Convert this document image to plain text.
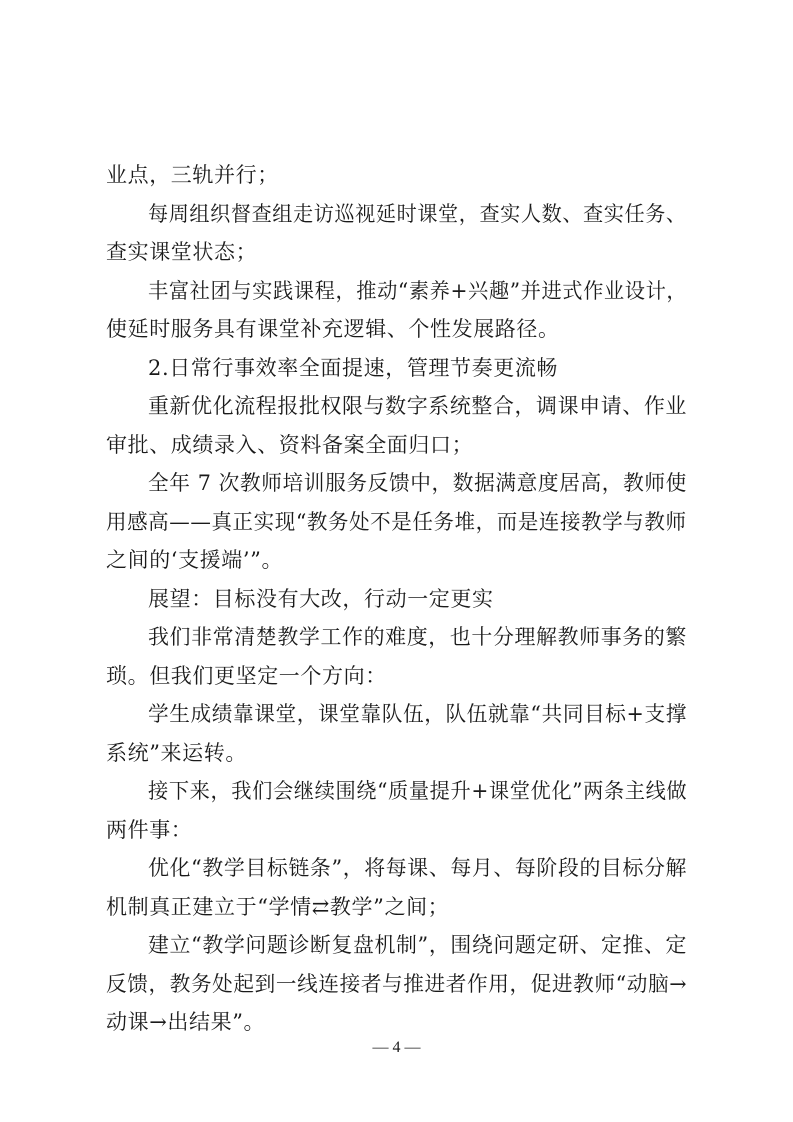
业点，三轨并行；
每周组织督查组走访巡视延时课堂，查实人数、查实任务、
查实课堂状态；
丰富社团与实践课程，推动“素养+兴趣”并进式作业设计，
使延时服务具有课堂补充逻辑、个性发展路径。
2.日常行事效率全面提速，管理节奏更流畅
重新优化流程报批权限与数字系统整合，调课申请、作业
审批、成绩录入、资料备案全面归口；
全年 7 次教师培训服务反馈中，数据满意度居高，教师使
用感高——真正实现“教务处不是任务堆，而是连接教学与教师
之间的‘支援端’”。
展望：目标没有大改，行动一定更实
我们非常清楚教学工作的难度，也十分理解教师事务的繁
琐。但我们更坚定一个方向：
学生成绩靠课堂，课堂靠队伍，队伍就靠“共同目标+支撑
系统”来运转。
接下来，我们会继续围绕“质量提升+课堂优化”两条主线做
两件事：
优化“教学目标链条”，将每课、每月、每阶段的目标分解
机制真正建立于“学情⇄教学”之间；
建立“教学问题诊断复盘机制”，围绕问题定研、定推、定
反馈，教务处起到一线连接者与推进者作用，促进教师“动脑→
动课→出结果”。
— 4 —
